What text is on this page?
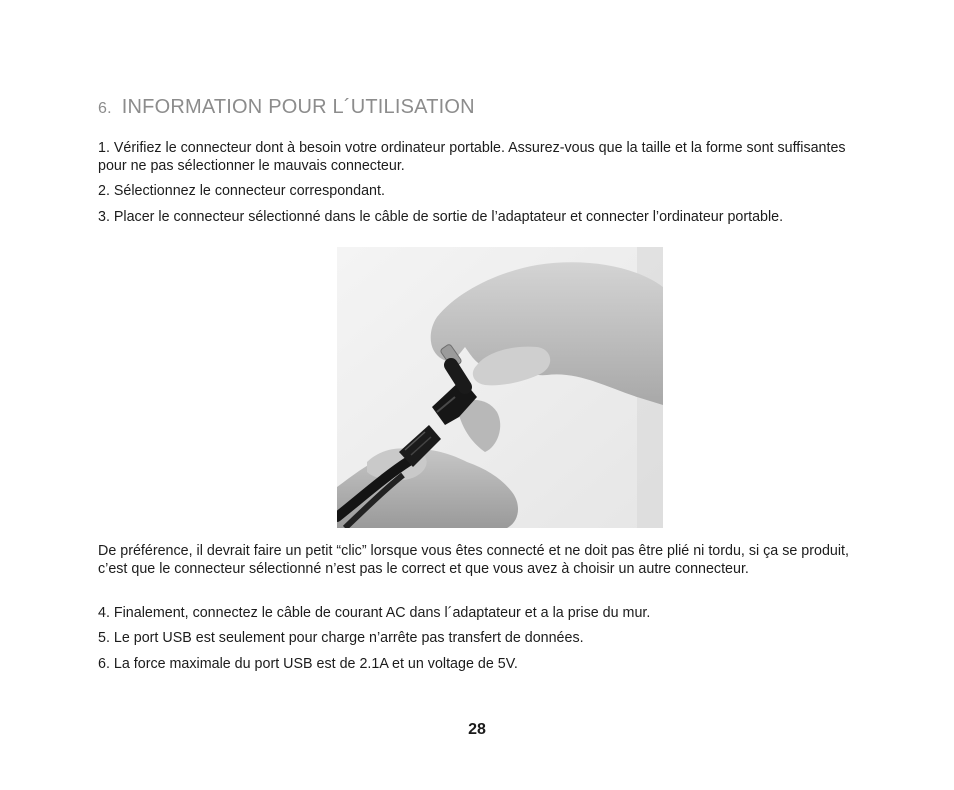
6. INFORMATION POUR L´UTILISATION

1. Vérifiez le connecteur dont à besoin votre ordinateur portable. Assurez-vous que la taille et la forme sont suffisantes pour ne pas sélectionner le mauvais connecteur.

2. Sélectionnez le connecteur correspondant.

3. Placer le connecteur sélectionné dans le câble de sortie de l’adaptateur et connecter l’ordinateur portable.

De préférence, il devrait faire un petit “clic” lorsque vous êtes connecté et ne doit pas être plié ni tordu, si ça se produit, c’est que le connecteur sélectionné n’est pas le correct et que vous avez à choisir un autre connecteur.

4. Finalement, connectez le câble de courant AC dans l´adaptateur et a la prise du mur.

5. Le port USB est seulement pour charge n’arrête pas transfert de données.

6. La force maximale du port USB est de 2.1A et un voltage de 5V.

28
